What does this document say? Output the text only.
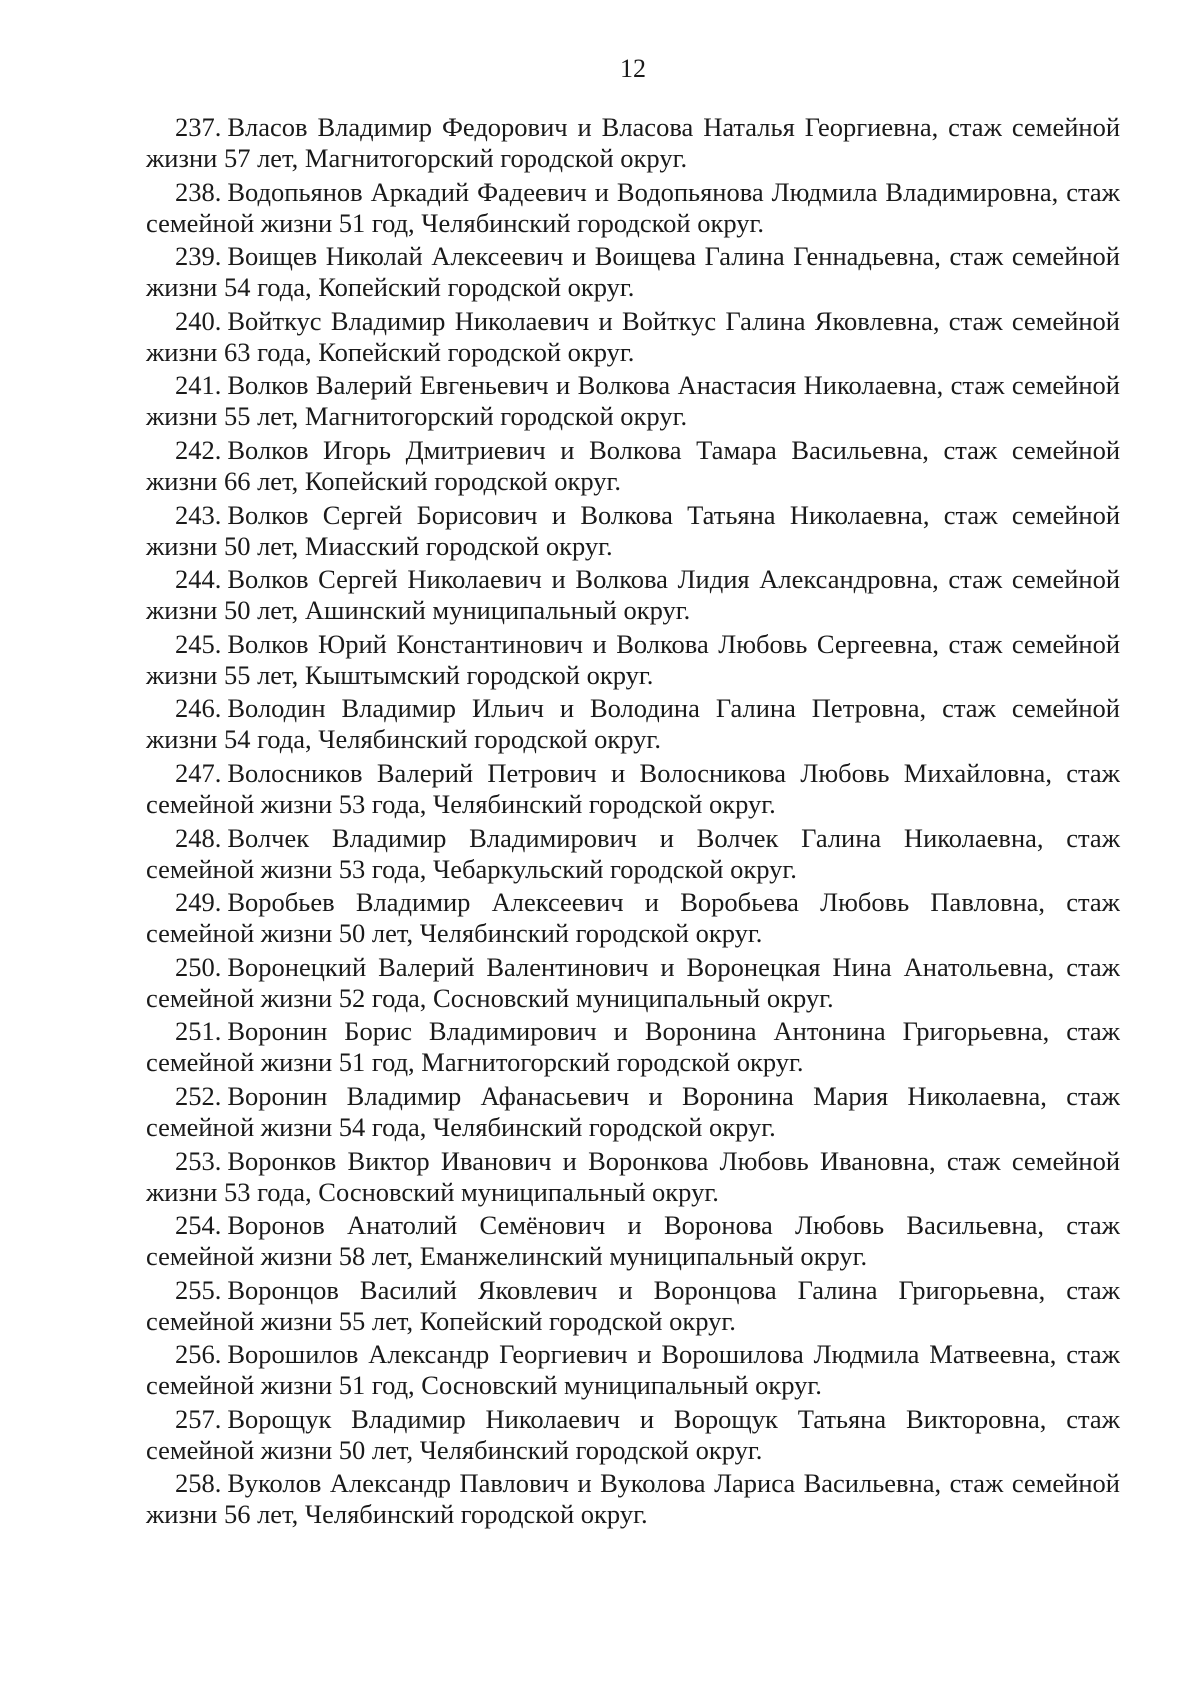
12
237. Власов Владимир Федорович и Власова Наталья Георгиевна, стаж семейной жизни 57 лет, Магнитогорский городской округ.
238. Водопьянов Аркадий Фадеевич и Водопьянова Людмила Владимировна, стаж семейной жизни 51 год, Челябинский городской округ.
239. Воищев Николай Алексеевич и Воищева Галина Геннадьевна, стаж семейной жизни 54 года, Копейский городской округ.
240. Войткус Владимир Николаевич и Войткус Галина Яковлевна, стаж семейной жизни 63 года, Копейский городской округ.
241. Волков Валерий Евгеньевич и Волкова Анастасия Николаевна, стаж семейной жизни 55 лет, Магнитогорский городской округ.
242. Волков Игорь Дмитриевич и Волкова Тамара Васильевна, стаж семейной жизни 66 лет, Копейский городской округ.
243. Волков Сергей Борисович и Волкова Татьяна Николаевна, стаж семейной жизни 50 лет, Миасский городской округ.
244. Волков Сергей Николаевич и Волкова Лидия Александровна, стаж семейной жизни 50 лет, Ашинский муниципальный округ.
245. Волков Юрий Константинович и Волкова Любовь Сергеевна, стаж семейной жизни 55 лет, Кыштымский городской округ.
246. Володин Владимир Ильич и Володина Галина Петровна, стаж семейной жизни 54 года, Челябинский городской округ.
247. Волосников Валерий Петрович и Волосникова Любовь Михайловна, стаж семейной жизни 53 года, Челябинский городской округ.
248. Волчек Владимир Владимирович и Волчек Галина Николаевна, стаж семейной жизни 53 года, Чебаркульский городской округ.
249. Воробьев Владимир Алексеевич и Воробьева Любовь Павловна, стаж семейной жизни 50 лет, Челябинский городской округ.
250. Воронецкий Валерий Валентинович и Воронецкая Нина Анатольевна, стаж семейной жизни 52 года, Сосновский муниципальный округ.
251. Воронин Борис Владимирович и Воронина Антонина Григорьевна, стаж семейной жизни 51 год, Магнитогорский городской округ.
252. Воронин Владимир Афанасьевич и Воронина Мария Николаевна, стаж семейной жизни 54 года, Челябинский городской округ.
253. Воронков Виктор Иванович и Воронкова Любовь Ивановна, стаж семейной жизни 53 года, Сосновский муниципальный округ.
254. Воронов Анатолий Семёнович и Воронова Любовь Васильевна, стаж семейной жизни 58 лет, Еманжелинский муниципальный округ.
255. Воронцов Василий Яковлевич и Воронцова Галина Григорьевна, стаж семейной жизни 55 лет, Копейский городской округ.
256. Ворошилов Александр Георгиевич и Ворошилова Людмила Матвеевна, стаж семейной жизни 51 год, Сосновский муниципальный округ.
257. Ворощук Владимир Николаевич и Ворощук Татьяна Викторовна, стаж семейной жизни 50 лет, Челябинский городской округ.
258. Вуколов Александр Павлович и Вуколова Лариса Васильевна, стаж семейной жизни 56 лет, Челябинский городской округ.
